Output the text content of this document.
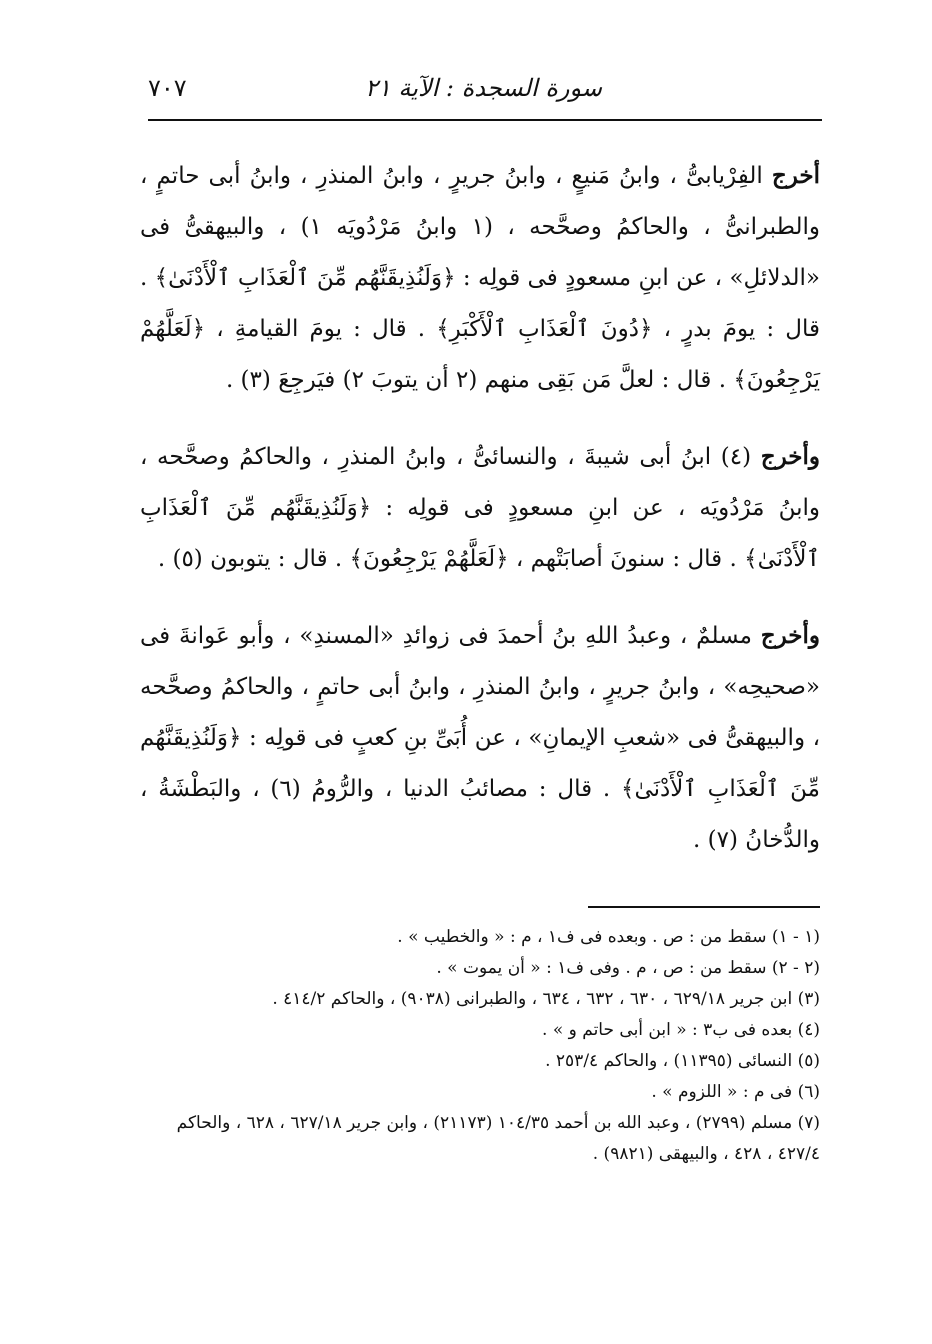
سورة السجدة : الآية ٢١
٧٠٧

أخرج الفِرْيابىُّ ، وابنُ مَنيعٍ ، وابنُ جريرٍ ، وابنُ المنذرِ ، وابنُ أبى حاتمٍ ، والطبرانىُّ ، والحاكمُ وصحَّحه ، (١ وابنُ مَرْدُويَه ١) ، والبيهقىُّ فى «الدلائلِ» ، عن ابنِ مسعودٍ فى قولِه : ﴿وَلَنُذِيقَنَّهُم مِّنَ ٱلْعَذَابِ ٱلْأَدْنَىٰ﴾ . قال : يومَ بدرٍ ، ﴿دُونَ ٱلْعَذَابِ ٱلْأَكْبَرِ﴾ . قال : يومَ القيامةِ ، ﴿لَعَلَّهُمْ يَرْجِعُونَ﴾ . قال : لعلَّ مَن بَقِى منهم (٢ أن يتوبَ ٢) فيَرجِعَ (٣) .

وأخرج (٤) ابنُ أبى شيبةَ ، والنسائىُّ ، وابنُ المنذرِ ، والحاكمُ وصحَّحه ، وابنُ مَرْدُويَه ، عن ابنِ مسعودٍ فى قولِه : ﴿وَلَنُذِيقَنَّهُم مِّنَ ٱلْعَذَابِ ٱلْأَدْنَىٰ﴾ . قال : سنونَ أصابَتْهم ، ﴿لَعَلَّهُمْ يَرْجِعُونَ﴾ . قال : يتوبون (٥) .

وأخرج مسلمٌ ، وعبدُ اللهِ بنُ أحمدَ فى زوائدِ «المسندِ» ، وأبو عَوانةَ فى «صحيحِه» ، وابنُ جريرٍ ، وابنُ المنذرِ ، وابنُ أبى حاتمٍ ، والحاكمُ وصحَّحه ، والبيهقىُّ فى «شعبِ الإيمانِ» ، عن أُبَىِّ بنِ كعبٍ فى قولِه : ﴿وَلَنُذِيقَنَّهُم مِّنَ ٱلْعَذَابِ ٱلْأَدْنَىٰ﴾ . قال : مصائبُ الدنيا ، والرُّومُ (٦) ، والبَطْشَةُ ، والدُّخانُ (٧) .

(١ - ١) سقط من : ص . وبعده فى ف١ ، م : « والخطيب » .

(٢ - ٢) سقط من : ص ، م . وفى ف١ : « أن يموت » .

(٣) ابن جرير ٦٢٩/١٨ ، ٦٣٠ ، ٦٣٢ ، ٦٣٤ ، والطبرانى (٩٠٣٨) ، والحاكم ٤١٤/٢ .

(٤) بعده فى ب٣ : « ابن أبى حاتم و » .

(٥) النسائى (١١٣٩٥) ، والحاكم ٢٥٣/٤ .

(٦) فى م : « اللزوم » .

(٧) مسلم (٢٧٩٩) ، وعبد الله بن أحمد ١٠٤/٣٥ (٢١١٧٣) ، وابن جرير ٦٢٧/١٨ ، ٦٢٨ ، والحاكم ٤٢٧/٤ ، ٤٢٨ ، والبيهقى (٩٨٢١) .
